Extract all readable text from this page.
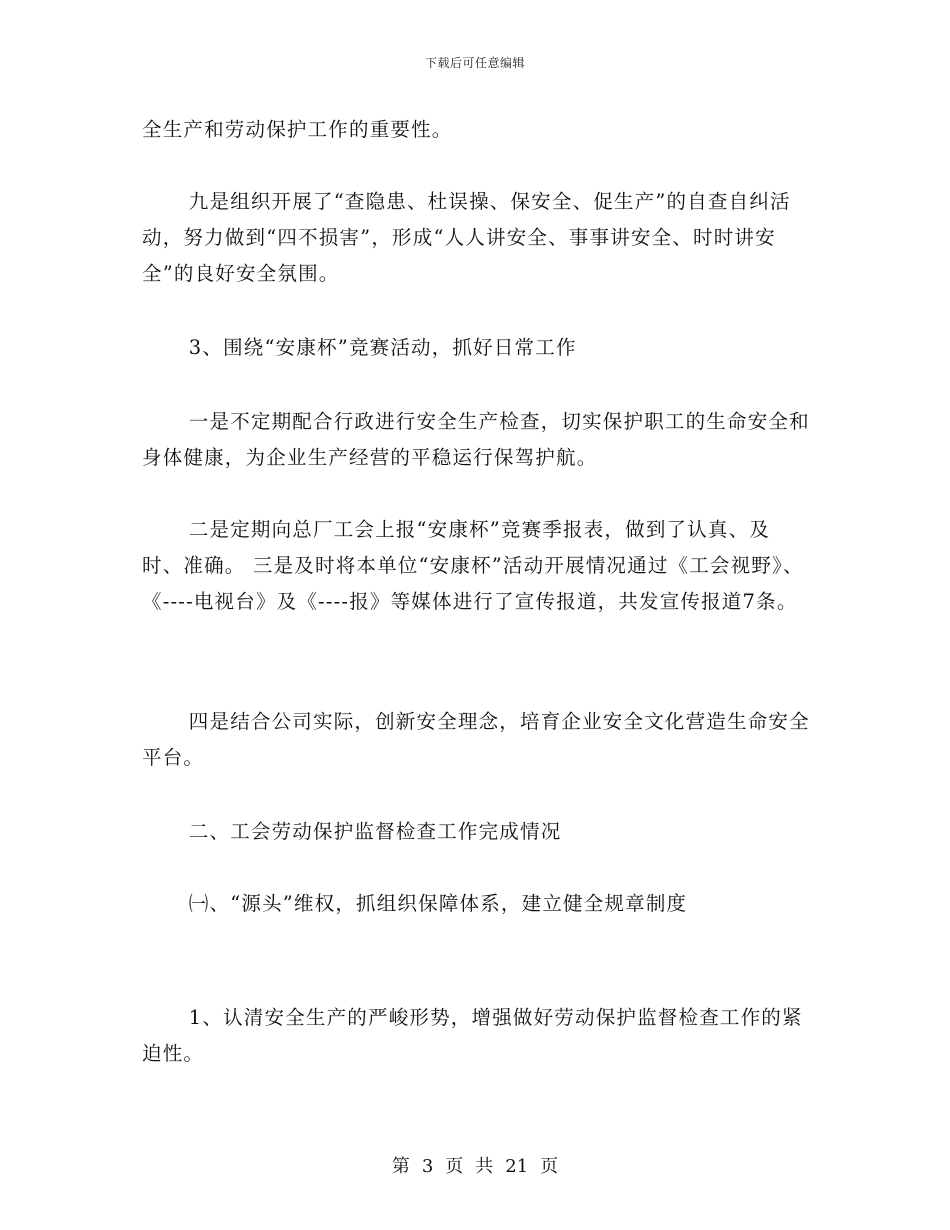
下载后可任意编辑

全生产和劳动保护工作的重要性。

九是组织开展了“查隐患、杜误操、保安全、促生产”的自查自纠活动，努力做到“四不损害”，形成“人人讲安全、事事讲安全、时时讲安全”的良好安全氛围。

3、围绕“安康杯”竞赛活动，抓好日常工作

一是不定期配合行政进行安全生产检查，切实保护职工的生命安全和身体健康，为企业生产经营的平稳运行保驾护航。

二是定期向总厂工会上报“安康杯”竞赛季报表，做到了认真、及时、准确。 三是及时将本单位“安康杯”活动开展情况通过《工会视野》、《----电视台》及《----报》等媒体进行了宣传报道，共发宣传报道7条。

四是结合公司实际，创新安全理念，培育企业安全文化营造生命安全平台。

二、工会劳动保护监督检查工作完成情况

㈠、“源头”维权，抓组织保障体系，建立健全规章制度

1、认清安全生产的严峻形势，增强做好劳动保护监督检查工作的紧迫性。

第 3 页 共 21 页
